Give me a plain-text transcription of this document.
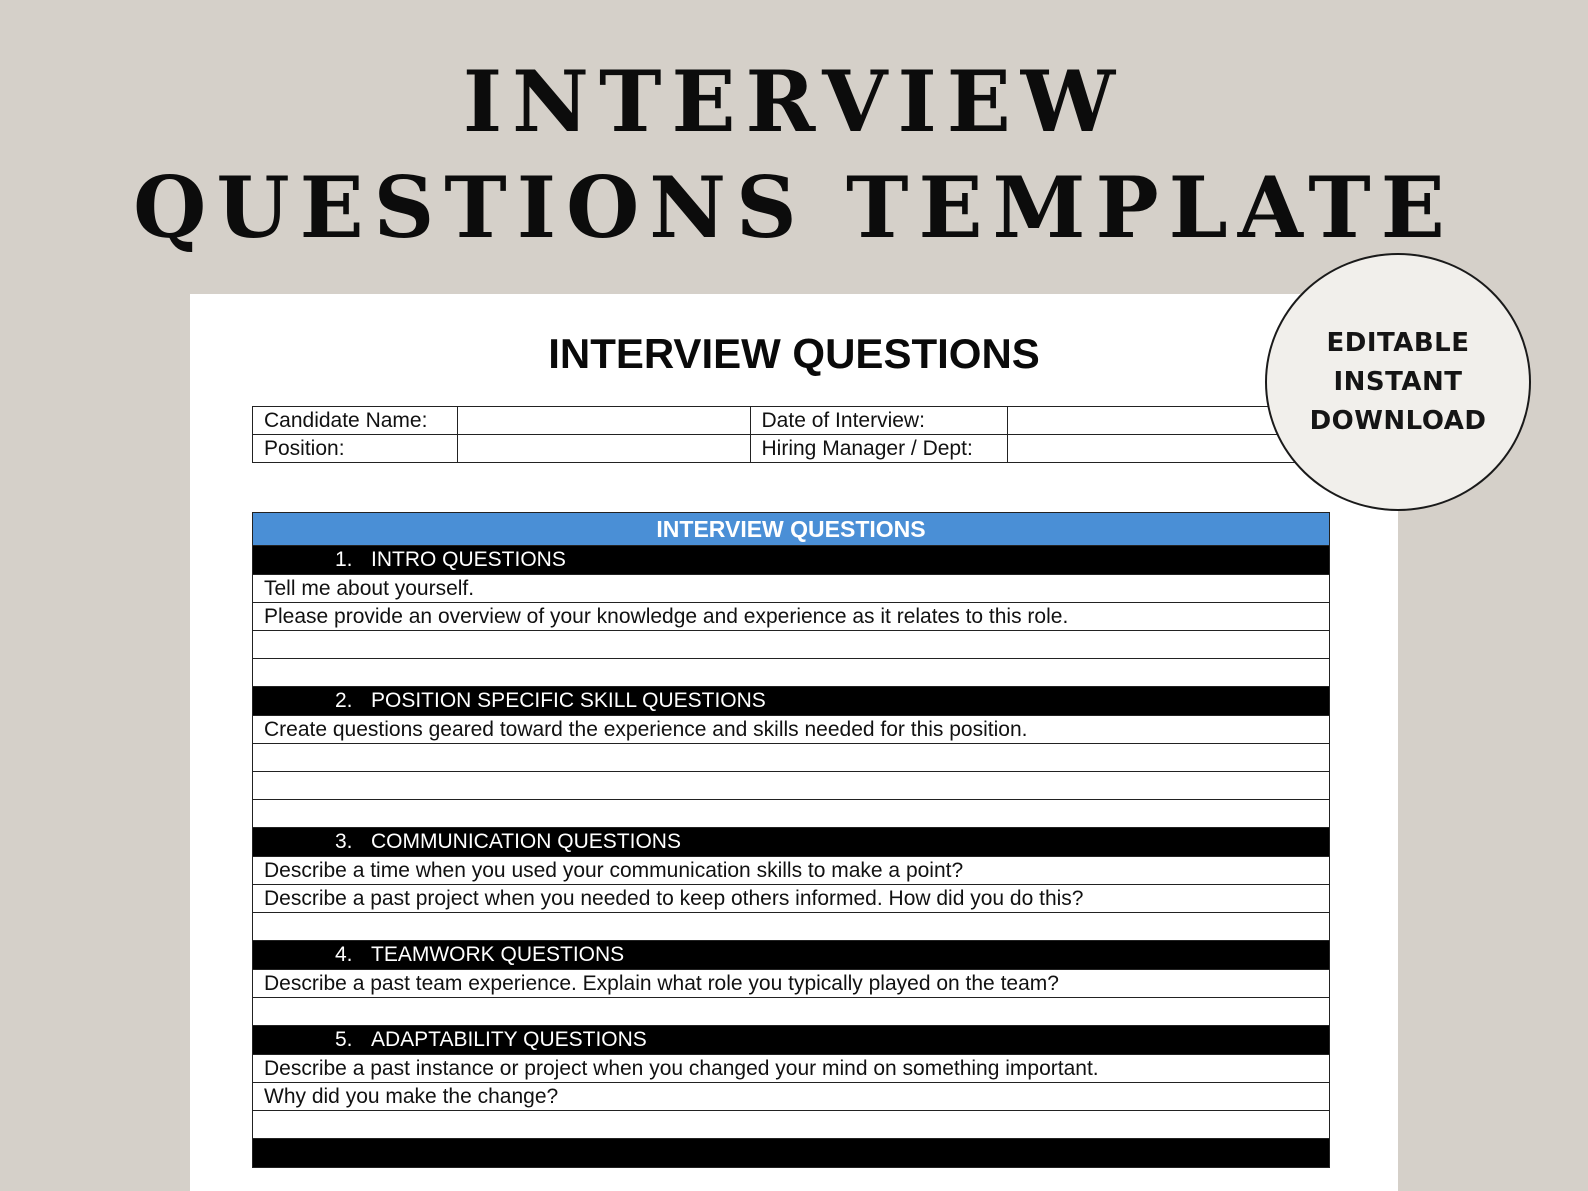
INTERVIEW
QUESTIONS TEMPLATE
INTERVIEW QUESTIONS
Candidate Name:		Date of Interview:	
Position:		Hiring Manager / Dept:	
INTERVIEW QUESTIONS
1. INTRO QUESTIONS
Tell me about yourself.
Please provide an overview of your knowledge and experience as it relates to this role.

2. POSITION SPECIFIC SKILL QUESTIONS
Create questions geared toward the experience and skills needed for this position.

3. COMMUNICATION QUESTIONS
Describe a time when you used your communication skills to make a point?
Describe a past project when you needed to keep others informed. How did you do this?

4. TEAMWORK QUESTIONS
Describe a past team experience. Explain what role you typically played on the team?

5. ADAPTABILITY QUESTIONS
Describe a past instance or project when you changed your mind on something important.
Why did you make the change?

EDITABLE
INSTANT
DOWNLOAD
